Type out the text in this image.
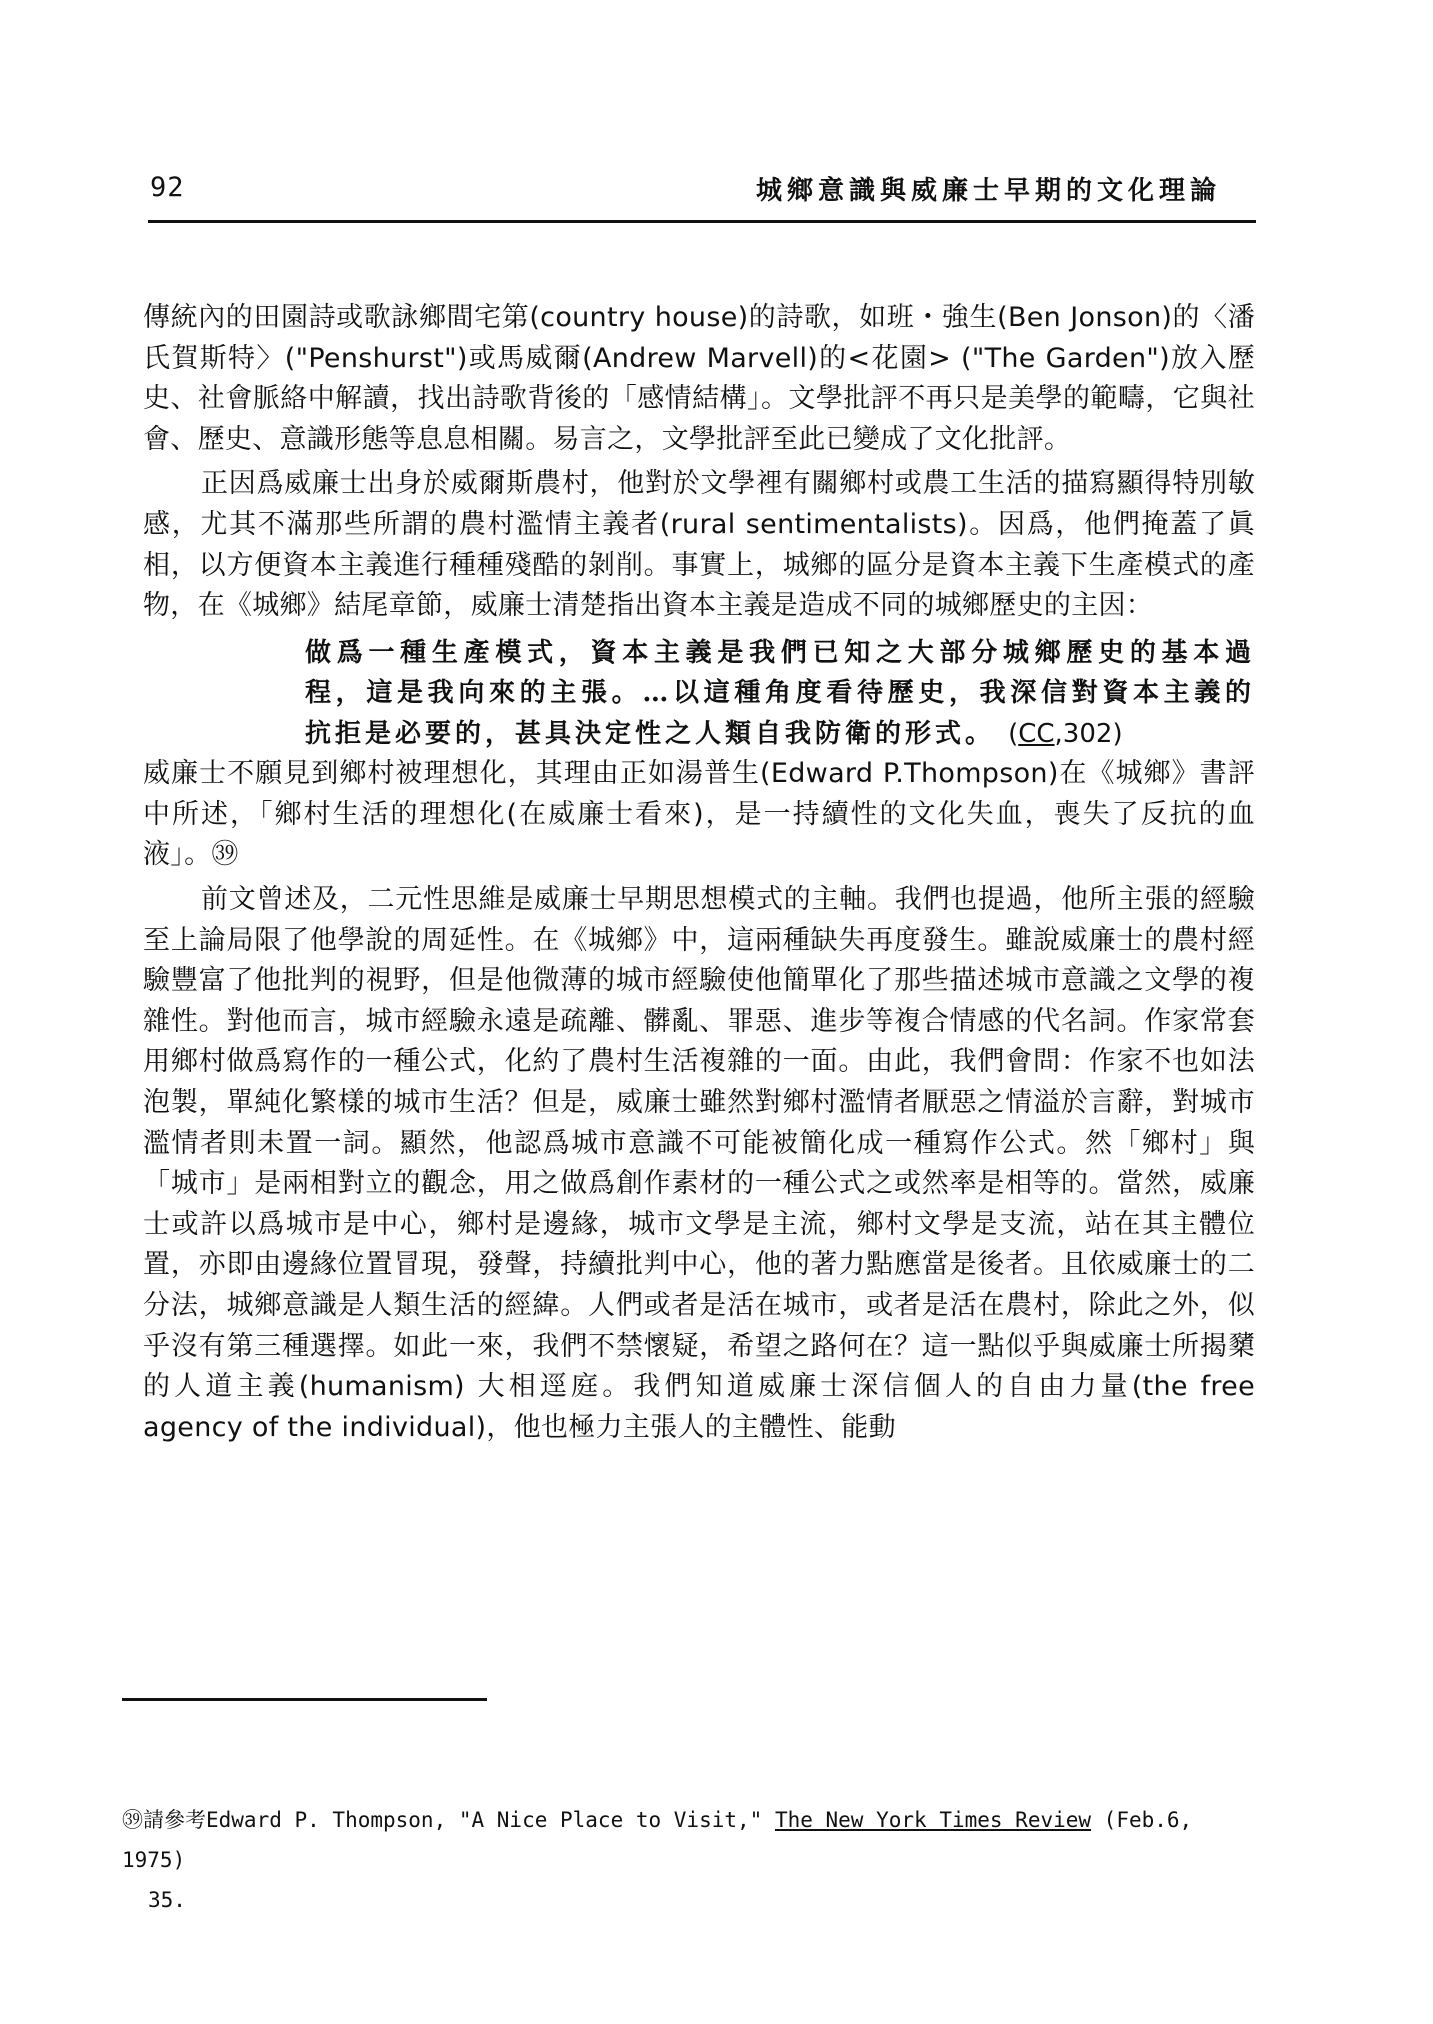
92	城鄉意識與威廉士早期的文化理論

傳統內的田園詩或歌詠鄉間宅第(country house)的詩歌，如班・強生(Ben Jonson)的〈潘氏賀斯特〉("Penshurst")或馬威爾(Andrew Marvell)的<花園> ("The Garden")放入歷史、社會脈絡中解讀，找出詩歌背後的「感情結構」。文學批評不再只是美學的範疇，它與社會、歷史、意識形態等息息相關。易言之，文學批評至此已變成了文化批評。

正因爲威廉士出身於威爾斯農村，他對於文學裡有關鄉村或農工生活的描寫顯得特別敏感，尤其不滿那些所謂的農村濫情主義者(rural sentimentalists)。因爲，他們掩蓋了眞相，以方便資本主義進行種種殘酷的剝削。事實上，城鄉的區分是資本主義下生產模式的產物，在《城鄉》結尾章節，威廉士清楚指出資本主義是造成不同的城鄉歷史的主因：

做爲一種生產模式，資本主義是我們已知之大部分城鄉歷史的基本過程，這是我向來的主張。…以這種角度看待歷史，我深信對資本主義的抗拒是必要的，甚具決定性之人類自我防衛的形式。 (CC,302)

威廉士不願見到鄉村被理想化，其理由正如湯普生(Edward P.Thompson)在《城鄉》書評中所述，「鄉村生活的理想化(在威廉士看來)，是一持續性的文化失血，喪失了反抗的血液」。㊴

前文曾述及，二元性思維是威廉士早期思想模式的主軸。我們也提過，他所主張的經驗至上論局限了他學說的周延性。在《城鄉》中，這兩種缺失再度發生。雖說威廉士的農村經驗豐富了他批判的視野，但是他微薄的城市經驗使他簡單化了那些描述城市意識之文學的複雜性。對他而言，城市經驗永遠是疏離、髒亂、罪惡、進步等複合情感的代名詞。作家常套用鄉村做爲寫作的一種公式，化約了農村生活複雜的一面。由此，我們會問：作家不也如法泡製，單純化繁樣的城市生活？但是，威廉士雖然對鄉村濫情者厭惡之情溢於言辭，對城市濫情者則未置一詞。顯然，他認爲城市意識不可能被簡化成一種寫作公式。然「鄉村」與「城市」是兩相對立的觀念，用之做爲創作素材的一種公式之或然率是相等的。當然，威廉士或許以爲城市是中心，鄉村是邊緣，城市文學是主流，鄉村文學是支流，站在其主體位置，亦即由邊緣位置冒現，發聲，持續批判中心，他的著力點應當是後者。且依威廉士的二分法，城鄉意識是人類生活的經緯。人們或者是活在城市，或者是活在農村，除此之外，似乎沒有第三種選擇。如此一來，我們不禁懷疑，希望之路何在？這一點似乎與威廉士所揭櫫的人道主義(humanism) 大相逕庭。我們知道威廉士深信個人的自由力量(the free agency of the individual)，他也極力主張人的主體性、能動

㊴請參考Edward P. Thompson, "A Nice Place to Visit," The New York Times Review (Feb.6, 1975)
35.
